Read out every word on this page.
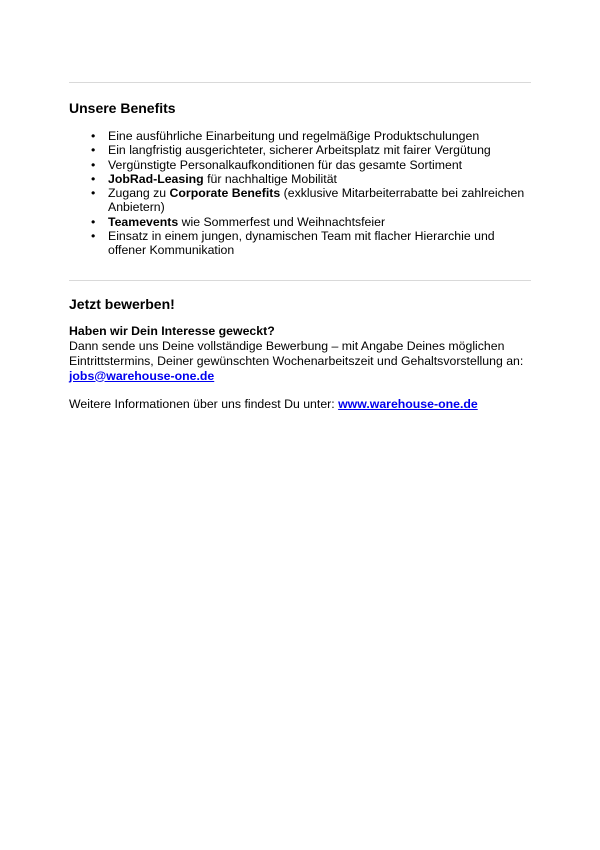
Unsere Benefits
• Eine ausführliche Einarbeitung und regelmäßige Produktschulungen
• Ein langfristig ausgerichteter, sicherer Arbeitsplatz mit fairer Vergütung
• Vergünstigte Personalkaufkonditionen für das gesamte Sortiment
• JobRad-Leasing für nachhaltige Mobilität
• Zugang zu Corporate Benefits (exklusive Mitarbeiterrabatte bei zahlreichen Anbietern)
• Teamevents wie Sommerfest und Weihnachtsfeier
• Einsatz in einem jungen, dynamischen Team mit flacher Hierarchie und offener Kommunikation
Jetzt bewerben!

Haben wir Dein Interesse geweckt?

Dann sende uns Deine vollständige Bewerbung – mit Angabe Deines möglichen Eintrittstermins, Deiner gewünschten Wochenarbeitszeit und Gehaltsvorstellung an:

jobs@warehouse-one.de

Weitere Informationen über uns findest Du unter: www.warehouse-one.de
